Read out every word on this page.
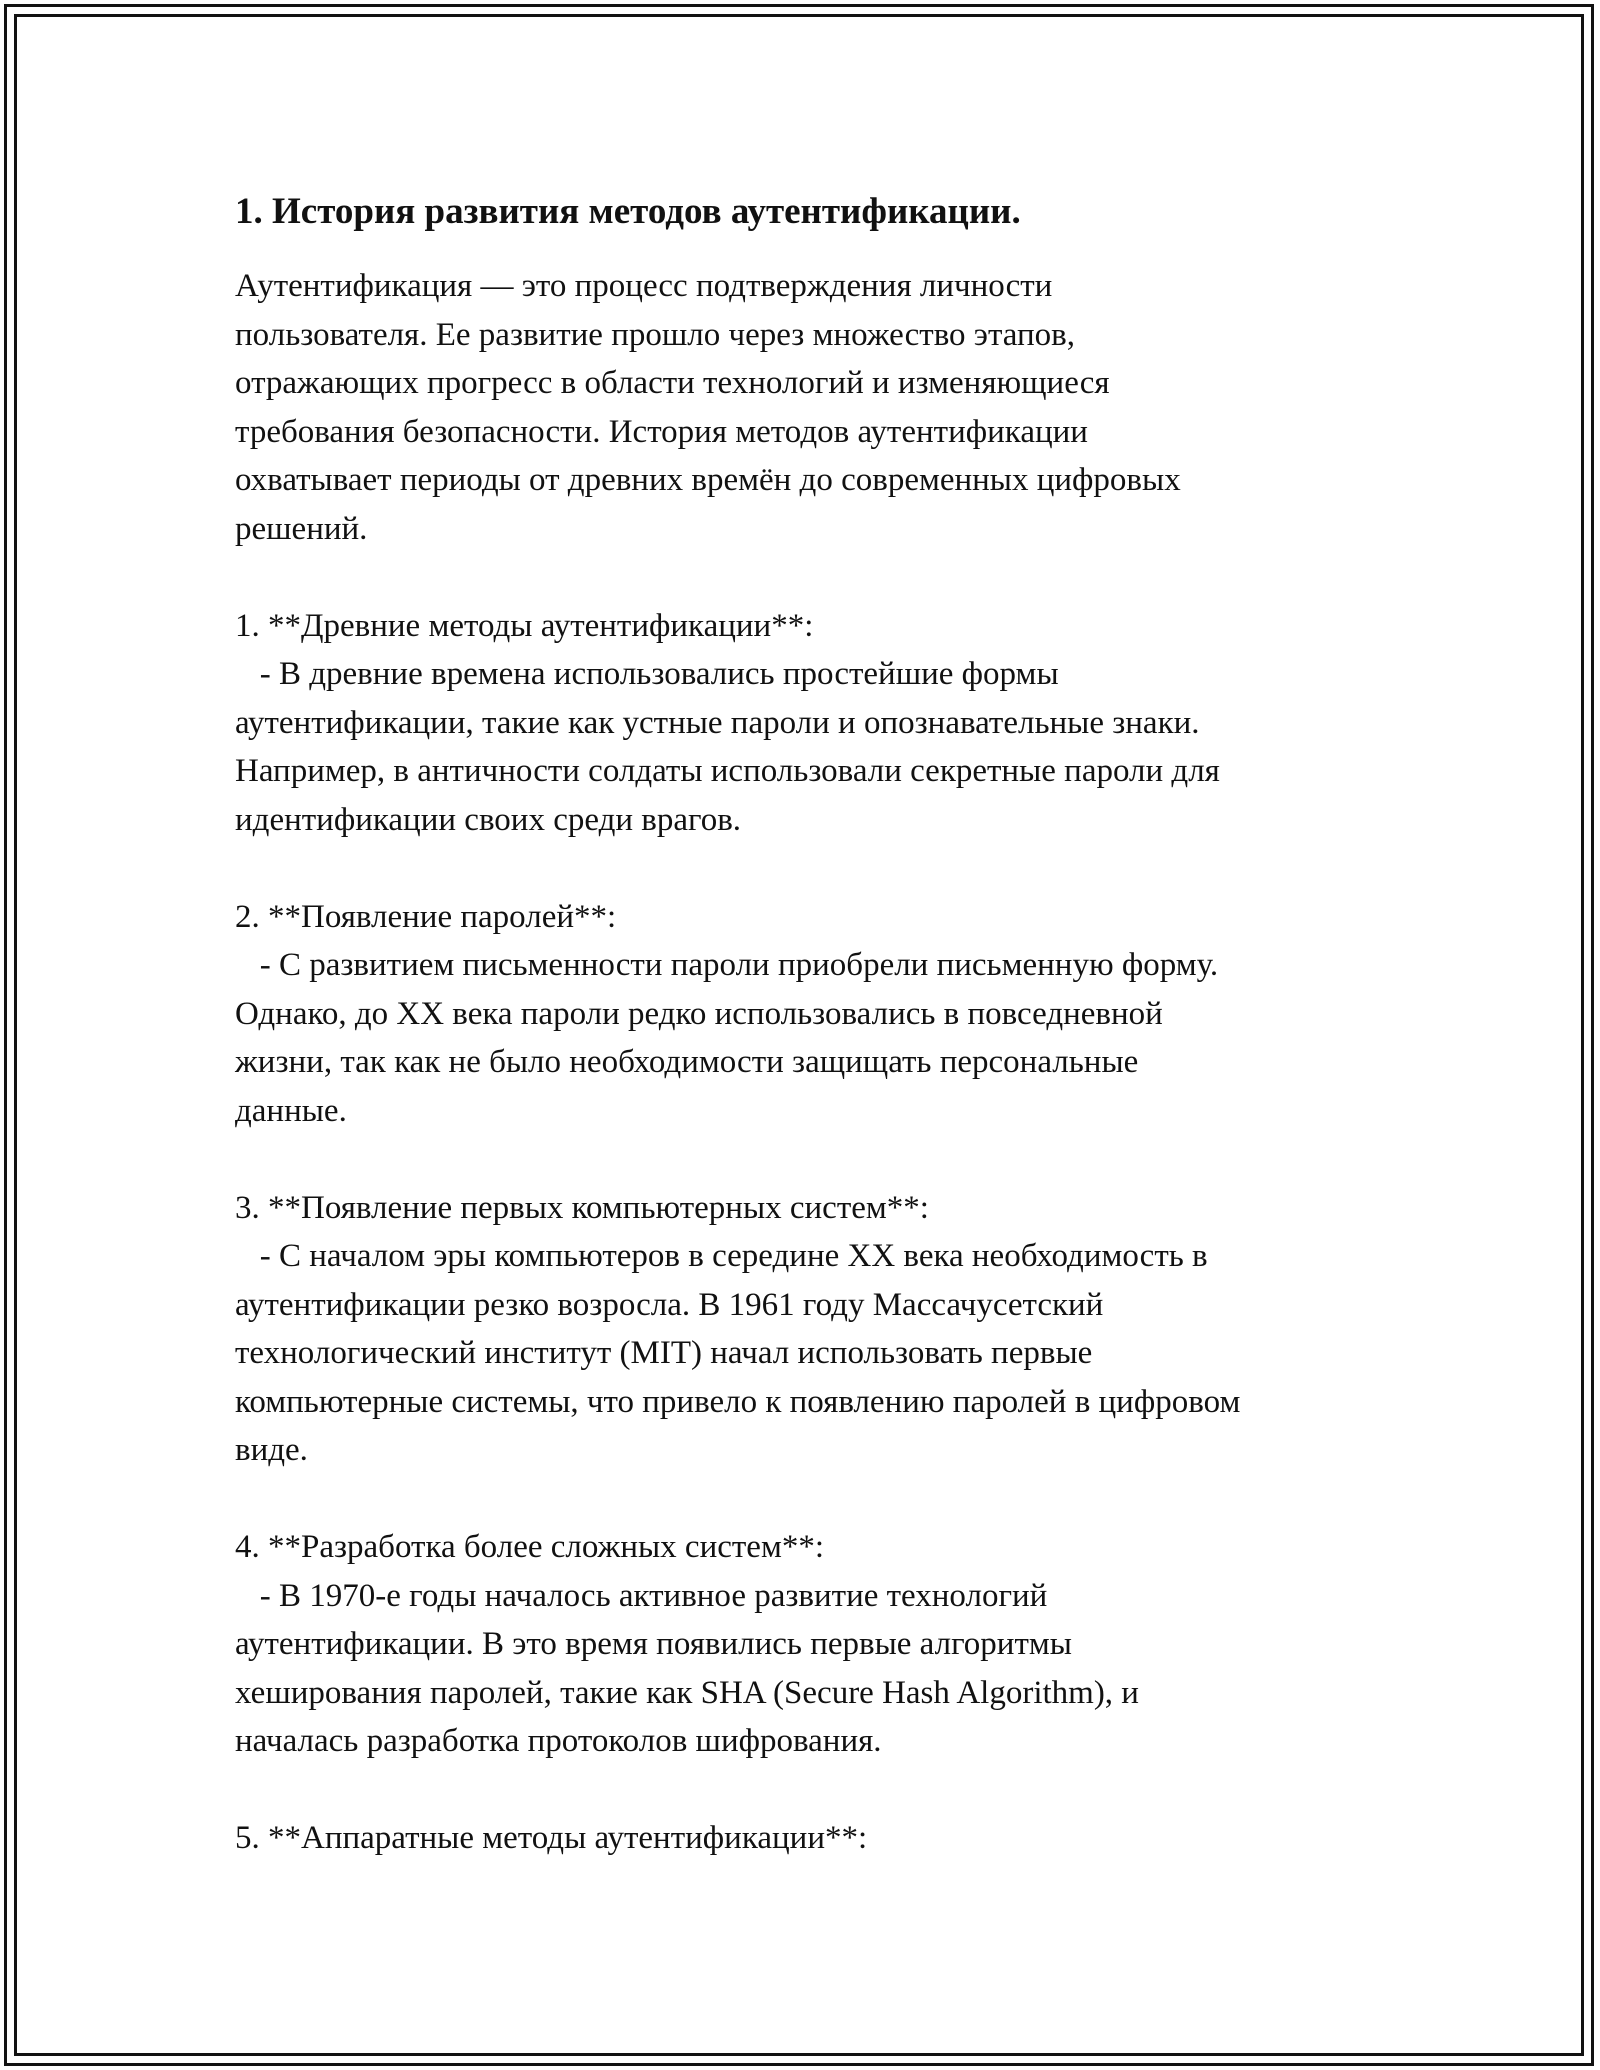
1. История развития методов аутентификации.

Аутентификация — это процесс подтверждения личности
пользователя. Ее развитие прошло через множество этапов,
отражающих прогресс в области технологий и изменяющиеся
требования безопасности. История методов аутентификации
охватывает периоды от древних времён до современных цифровых
решений.

1. **Древние методы аутентификации**:

- В древние времена использовались простейшие формы
аутентификации, такие как устные пароли и опознавательные знаки.
Например, в античности солдаты использовали секретные пароли для
идентификации своих среди врагов.

2. **Появление паролей**:

- С развитием письменности пароли приобрели письменную форму.
Однако, до XX века пароли редко использовались в повседневной
жизни, так как не было необходимости защищать персональные
данные.

3. **Появление первых компьютерных систем**:

- С началом эры компьютеров в середине XX века необходимость в
аутентификации резко возросла. В 1961 году Массачусетский
технологический институт (MIT) начал использовать первые
компьютерные системы, что привело к появлению паролей в цифровом
виде.

4. **Разработка более сложных систем**:

- В 1970-е годы началось активное развитие технологий
аутентификации. В это время появились первые алгоритмы
хеширования паролей, такие как SHA (Secure Hash Algorithm), и
началась разработка протоколов шифрования.

5. **Аппаратные методы аутентификации**:
